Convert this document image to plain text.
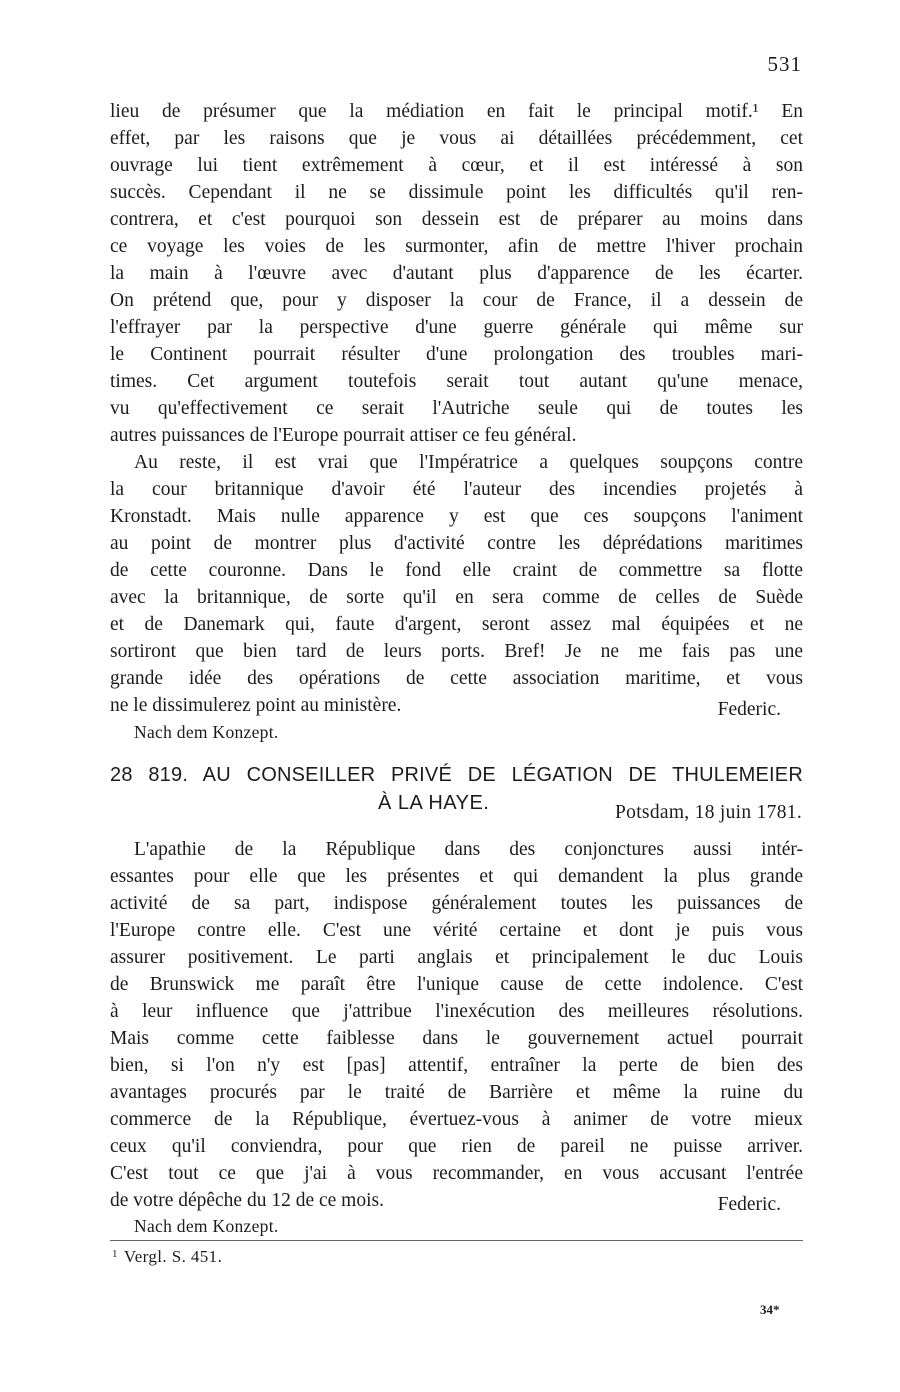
531
lieu de présumer que la médiation en fait le principal motif.¹ En
effet, par les raisons que je vous ai détaillées précédemment, cet
ouvrage lui tient extrêmement à cœur, et il est intéressé à son
succès. Cependant il ne se dissimule point les difficultés qu'il ren-
contrera, et c'est pourquoi son dessein est de préparer au moins dans
ce voyage les voies de les surmonter, afin de mettre l'hiver prochain
la main à l'œuvre avec d'autant plus d'apparence de les écarter.
On prétend que, pour y disposer la cour de France, il a dessein de
l'effrayer par la perspective d'une guerre générale qui même sur
le Continent pourrait résulter d'une prolongation des troubles mari-
times. Cet argument toutefois serait tout autant qu'une menace,
vu qu'effectivement ce serait l'Autriche seule qui de toutes les
autres puissances de l'Europe pourrait attiser ce feu général.
Au reste, il est vrai que l'Impératrice a quelques soupçons contre
la cour britannique d'avoir été l'auteur des incendies projetés à
Kronstadt. Mais nulle apparence y est que ces soupçons l'animent
au point de montrer plus d'activité contre les déprédations maritimes
de cette couronne. Dans le fond elle craint de commettre sa flotte
avec la britannique, de sorte qu'il en sera comme de celles de Suède
et de Danemark qui, faute d'argent, seront assez mal équipées et ne
sortiront que bien tard de leurs ports. Bref! Je ne me fais pas une
grande idée des opérations de cette association maritime, et vous
ne le dissimulerez point au ministère.	Federic.
Nach dem Konzept.
28 819. AU CONSEILLER PRIVÉ DE LÉGATION DE THULEMEIER
À LA HAYE.	Potsdam, 18 juin 1781.
L'apathie de la République dans des conjonctures aussi intér-
essantes pour elle que les présentes et qui demandent la plus grande
activité de sa part, indispose généralement toutes les puissances de
l'Europe contre elle. C'est une vérité certaine et dont je puis vous
assurer positivement. Le parti anglais et principalement le duc Louis
de Brunswick me paraît être l'unique cause de cette indolence. C'est
à leur influence que j'attribue l'inexécution des meilleures résolutions.
Mais comme cette faiblesse dans le gouvernement actuel pourrait
bien, si l'on n'y est [pas] attentif, entraîner la perte de bien des
avantages procurés par le traité de Barrière et même la ruine du
commerce de la République, évertuez-vous à animer de votre mieux
ceux qu'il conviendra, pour que rien de pareil ne puisse arriver.
C'est tout ce que j'ai à vous recommander, en vous accusant l'entrée
de votre dépêche du 12 de ce mois.	Federic.
Nach dem Konzept.
$^1$ Vergl. S. 451.
34*
